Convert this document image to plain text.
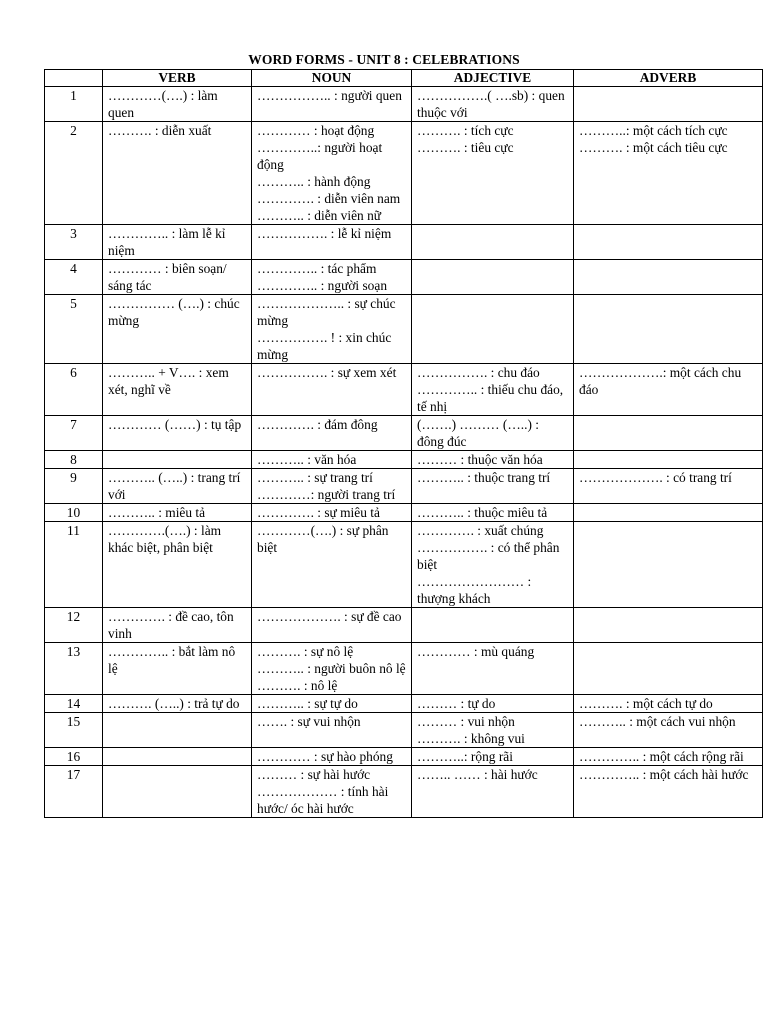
WORD FORMS - UNIT 8 : CELEBRATIONS
	VERB	NOUN	ADJECTIVE	ADVERB
1	…………(….) : làm quen	…………….. : người quen	…………….( ….sb) : quen thuộc với	

2	………. : diễn xuất	………… : hoạt động
…………..: người hoạt động
……….. : hành động
…………. : diễn viên nam
……….. : diễn viên nữ	………. : tích cực
………. : tiêu cực	………..: một cách tích cực
………. : một cách tiêu cực

3	………….. : làm lễ kỉ niệm	……………. : lễ kỉ niệm		

4	………… : biên soạn/ sáng tác	………….. : tác phẩm
………….. : người soạn		

5	…………… (….) : chúc mừng	……………….. : sự chúc mừng
……………. ! : xin chúc mừng		

6	……….. + V…. : xem xét, nghĩ về	……………. : sự xem xét	……………. : chu đáo
………….. : thiếu chu đáo, tế nhị	……………….: một cách chu đáo

7	………… (……) : tụ tập	…………. : đám đông	(…….) ……… (…..) : đông đúc	

8		……….. : văn hóa	……… : thuộc văn hóa	

9	……….. (…..) : trang trí với	……….. : sự trang trí
…………: người trang trí	……….. : thuộc trang trí	………………. : có trang trí

10	……….. : miêu tả	…………. : sự miêu tả	……….. : thuộc miêu tả	

11	………….(….) : làm khác biệt, phân biệt	…………(….) : sự phân biệt	…………. : xuất chúng
……………. : có thể phân biệt
…………………… : thượng khách	

12	…………. : đề cao, tôn vinh	………………. : sự đề cao		

13	………….. : bắt làm nô lệ	………. : sự nô lệ
……….. : người buôn nô lệ
………. : nô lệ	………… : mù quáng	

14	………. (…..) : trả tự do	……….. : sự tự do	……… : tự do	………. : một cách tự do

15		……. : sự vui nhộn	……… : vui nhộn
………. : không vui	……….. : một cách vui nhộn

16		………… : sự hào phóng	………..: rộng rãi	………….. : một cách rộng rãi

17		……… : sự hài hước
……………… : tính hài hước/ óc hài hước	…….. …… : hài hước	………….. : một cách hài hước
